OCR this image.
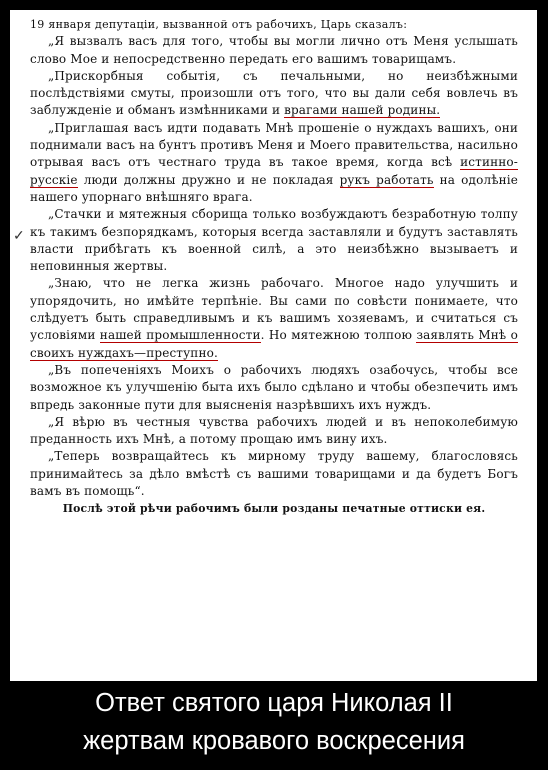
✓

19 января депутаціи, вызванной отъ рабочихъ, Царь сказалъ:

„Я вызвалъ васъ для того, чтобы вы могли лично отъ Меня услышать слово Мое и непосредственно передать его вашимъ товарищамъ.

„Прискорбныя событія, съ печальными, но неизбѣжными послѣдствіями смуты, произошли отъ того, что вы дали себя вовлечь въ заблужденіе и обманъ измѣнниками и врагами нашей родины.

„Приглашая васъ идти подавать Мнѣ прошеніе о нуждахъ вашихъ, они поднимали васъ на бунтъ противъ Меня и Моего правительства, насильно отрывая васъ отъ честнаго труда въ такое время, когда всѣ истинно-русскіе люди должны дружно и не покладая рукъ работать на одолѣніе нашего упорнаго внѣшняго врага.

„Стачки и мятежныя сборища только возбуждаютъ безработную толпу къ такимъ безпорядкамъ, которыя всегда заставляли и будутъ заставлять власти прибѣгать къ военной силѣ, а это неизбѣжно вызываетъ и неповинныя жертвы.

„Знаю, что не легка жизнь рабочаго. Многое надо улучшить и упорядочить, но имѣйте терпѣніе. Вы сами по совѣсти понимаете, что слѣдуетъ быть справедливымъ и къ вашимъ хозяевамъ, и считаться съ условіями нашей промышленности. Но мятежною толпою заявлять Мнѣ о своихъ нуждахъ—преступно.

„Въ попеченіяхъ Моихъ о рабочихъ людяхъ озабочусь, чтобы все возможное къ улучшенію быта ихъ было сдѣлано и чтобы обезпечить имъ впредь законные пути для выясненія назрѣвшихъ ихъ нуждъ.

„Я вѣрю въ честныя чувства рабочихъ людей и въ непоколебимую преданность ихъ Мнѣ, а потому прощаю имъ вину ихъ.

„Теперь возвращайтесь къ мирному труду вашему, благословясь принимайтесь за дѣло вмѣстѣ съ вашими товарищами и да будетъ Богъ вамъ въ помощь“.

Послѣ этой рѣчи рабочимъ были розданы печатные оттиски ея.

Ответ святого царя Николая II
жертвам кровавого воскресения
